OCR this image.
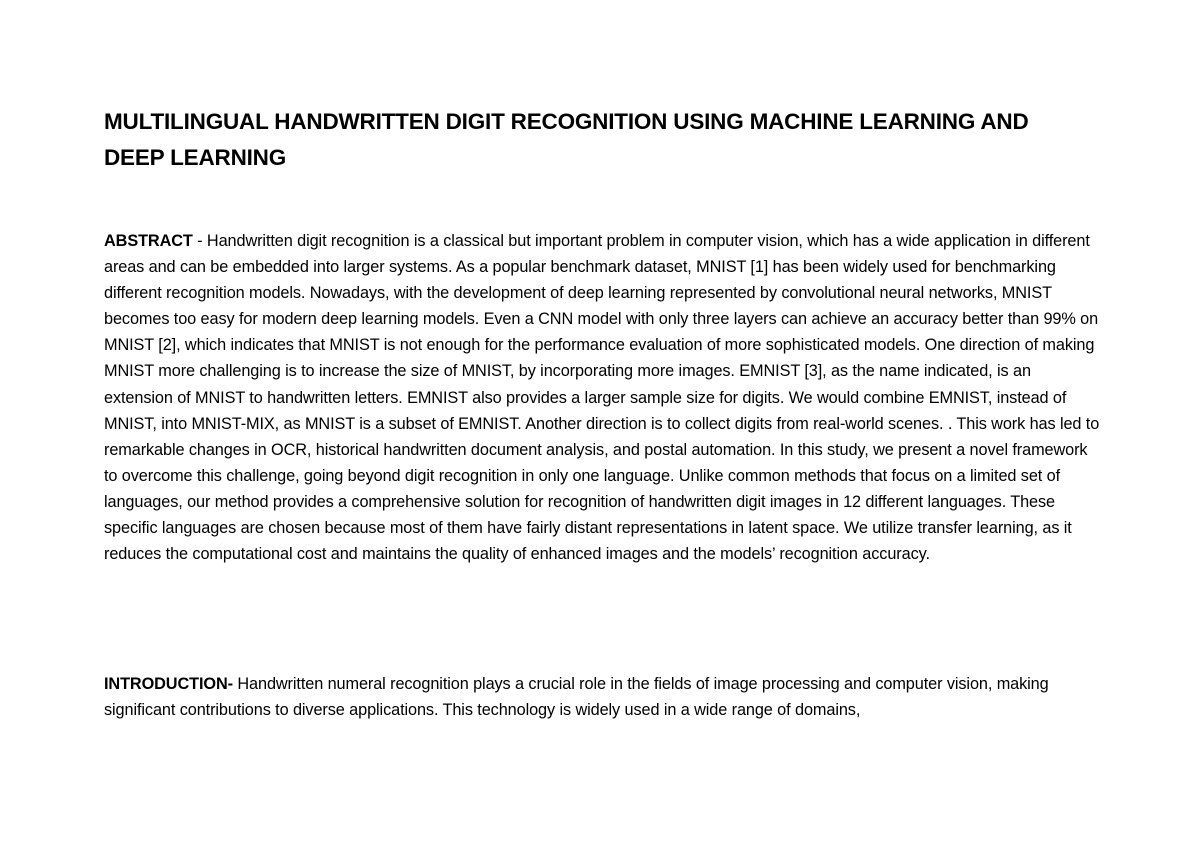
MULTILINGUAL HANDWRITTEN DIGIT RECOGNITION USING MACHINE LEARNING AND DEEP LEARNING

ABSTRACT - Handwritten digit recognition is a classical but important problem in computer vision, which has a wide application in different areas and can be embedded into larger systems. As a popular benchmark dataset, MNIST [1] has been widely used for benchmarking different recognition models. Nowadays, with the development of deep learning represented by convolutional neural networks, MNIST becomes too easy for modern deep learning models. Even a CNN model with only three layers can achieve an accuracy better than 99% on MNIST [2], which indicates that MNIST is not enough for the performance evaluation of more sophisticated models. One direction of making MNIST more challenging is to increase the size of MNIST, by incorporating more images. EMNIST [3], as the name indicated, is an extension of MNIST to handwritten letters. EMNIST also provides a larger sample size for digits. We would combine EMNIST, instead of MNIST, into MNIST-MIX, as MNIST is a subset of EMNIST. Another direction is to collect digits from real-world scenes. . This work has led to remarkable changes in OCR, historical handwritten document analysis, and postal automation. In this study, we present a novel framework to overcome this challenge, going beyond digit recognition in only one language. Unlike common methods that focus on a limited set of languages, our method provides a comprehensive solution for recognition of handwritten digit images in 12 different languages. These specific languages are chosen because most of them have fairly distant representations in latent space. We utilize transfer learning, as it reduces the computational cost and maintains the quality of enhanced images and the models’ recognition accuracy.

INTRODUCTION- Handwritten numeral recognition plays a crucial role in the fields of image processing and computer vision, making significant contributions to diverse applications. This technology is widely used in a wide range of domains,
